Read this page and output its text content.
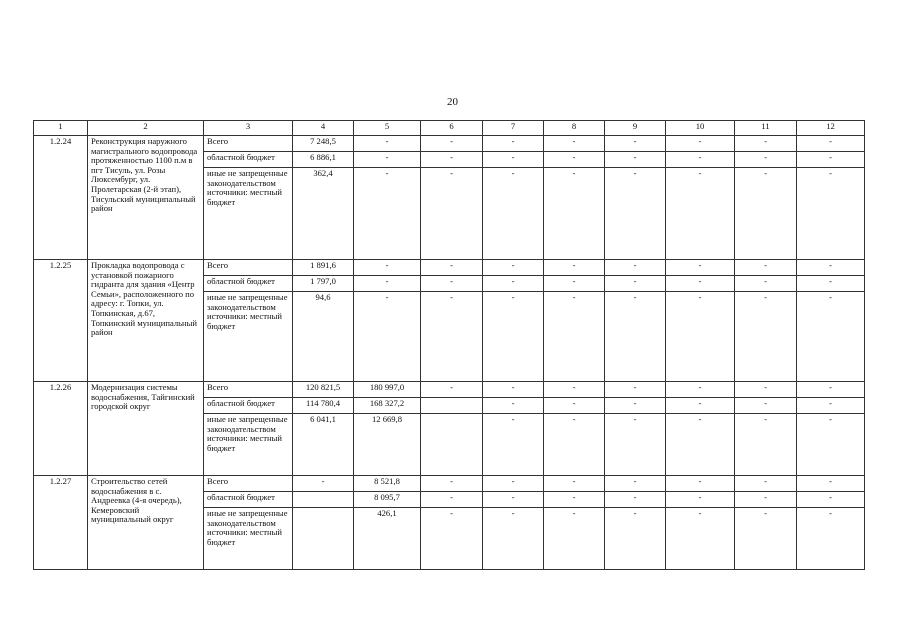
20
1	2	3	4	5	6	7	8	9	10	11	12
1.2.24	Реконструкция наружного магистрального водопровода протяженностью 1100 п.м в пгт Тисуль, ул. Розы Люксембург, ул. Пролетарская (2-й этап), Тисульский муниципальный район	Всего	7 248,5	-	-	-	-	-	-	-	-
		областной бюджет	6 886,1	-	-	-	-	-	-	-	-
		иные не запрещенные законодательством источники: местный бюджет	362,4	-	-	-	-	-	-	-	-
1.2.25	Прокладка водопровода с установкой пожарного гидранта для здания «Центр Семьи», расположенного по адресу: г. Топки, ул. Топкинская, д.67, Топкинский муниципальный район	Всего	1 891,6	-	-	-	-	-	-	-	-
		областной бюджет	1 797,0	-	-	-	-	-	-	-	-
		иные не запрещенные законодательством источники: местный бюджет	94,6	-	-	-	-	-	-	-	-
1.2.26	Модернизация системы водоснабжения, Тайгинский городской округ	Всего	120 821,5	180 997,0	-	-	-	-	-	-	-
		областной бюджет	114 780,4	168 327,2		-	-	-	-	-	-
		иные не запрещенные законодательством источники: местный бюджет	6 041,1	12 669,8		-	-	-	-	-	-
1.2.27	Строительство сетей водоснабжения в с. Андреевка (4-я очередь), Кемеровский муниципальный округ	Всего	-	8 521,8	-	-	-	-	-	-	-
		областной бюджет		8 095,7	-	-	-	-	-	-	-
		иные не запрещенные законодательством источники: местный бюджет		426,1	-	-	-	-	-	-	-
